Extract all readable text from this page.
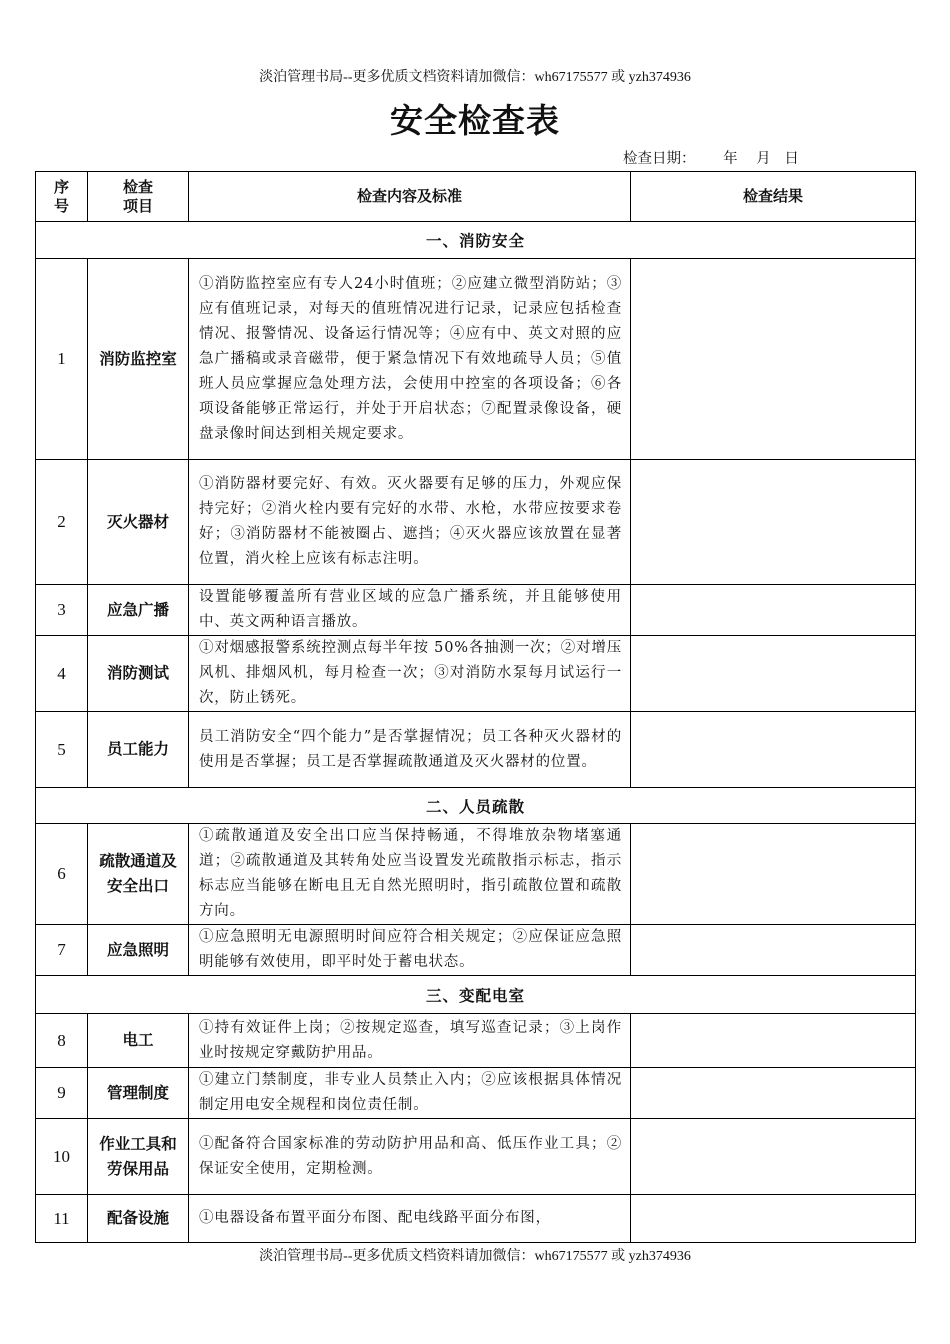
淡泊管理书局--更多优质文档资料请加微信：wh67175577 或 yzh374936
安全检查表
检查日期：      年    月   日
序号	检查项目	检查内容及标准	检查结果
一、消防安全			
1	消防监控室	①消防监控室应有专人24小时值班；②应建立微型消防站；③应有值班记录，对每天的值班情况进行记录，记录应包括检查情况、报警情况、设备运行情况等；④应有中、英文对照的应急广播稿或录音磁带，便于紧急情况下有效地疏导人员；⑤值班人员应掌握应急处理方法，会使用中控室的各项设备；⑥各项设备能够正常运行，并处于开启状态；⑦配置录像设备，硬盘录像时间达到相关规定要求。	
2	灭火器材	①消防器材要完好、有效。灭火器要有足够的压力，外观应保持完好；②消火栓内要有完好的水带、水枪，水带应按要求卷好；③消防器材不能被圈占、遮挡；④灭火器应该放置在显著位置，消火栓上应该有标志注明。	
3	应急广播	设置能够覆盖所有营业区域的应急广播系统，并且能够使用中、英文两种语言播放。	
4	消防测试	①对烟感报警系统控测点每半年按 50%各抽测一次；②对增压风机、排烟风机，每月检查一次；③对消防水泵每月试运行一次，防止锈死。	
5	员工能力	员工消防安全“四个能力”是否掌握情况；员工各种灭火器材的使用是否掌握；员工是否掌握疏散通道及灭火器材的位置。	
二、人员疏散			
6	疏散通道及安全出口	①疏散通道及安全出口应当保持畅通，不得堆放杂物堵塞通道；②疏散通道及其转角处应当设置发光疏散指示标志，指示标志应当能够在断电且无自然光照明时，指引疏散位置和疏散方向。	
7	应急照明	①应急照明无电源照明时间应符合相关规定；②应保证应急照明能够有效使用，即平时处于蓄电状态。	
三、变配电室			
8	电工	①持有效证件上岗；②按规定巡查，填写巡查记录；③上岗作业时按规定穿戴防护用品。	
9	管理制度	①建立门禁制度，非专业人员禁止入内；②应该根据具体情况制定用电安全规程和岗位责任制。	
10	作业工具和劳保用品	①配备符合国家标准的劳动防护用品和高、低压作业工具；②保证安全使用，定期检测。	
11	配备设施	①电器设备布置平面分布图、配电线路平面分布图，	
淡泊管理书局--更多优质文档资料请加微信：wh67175577 或 yzh374936
